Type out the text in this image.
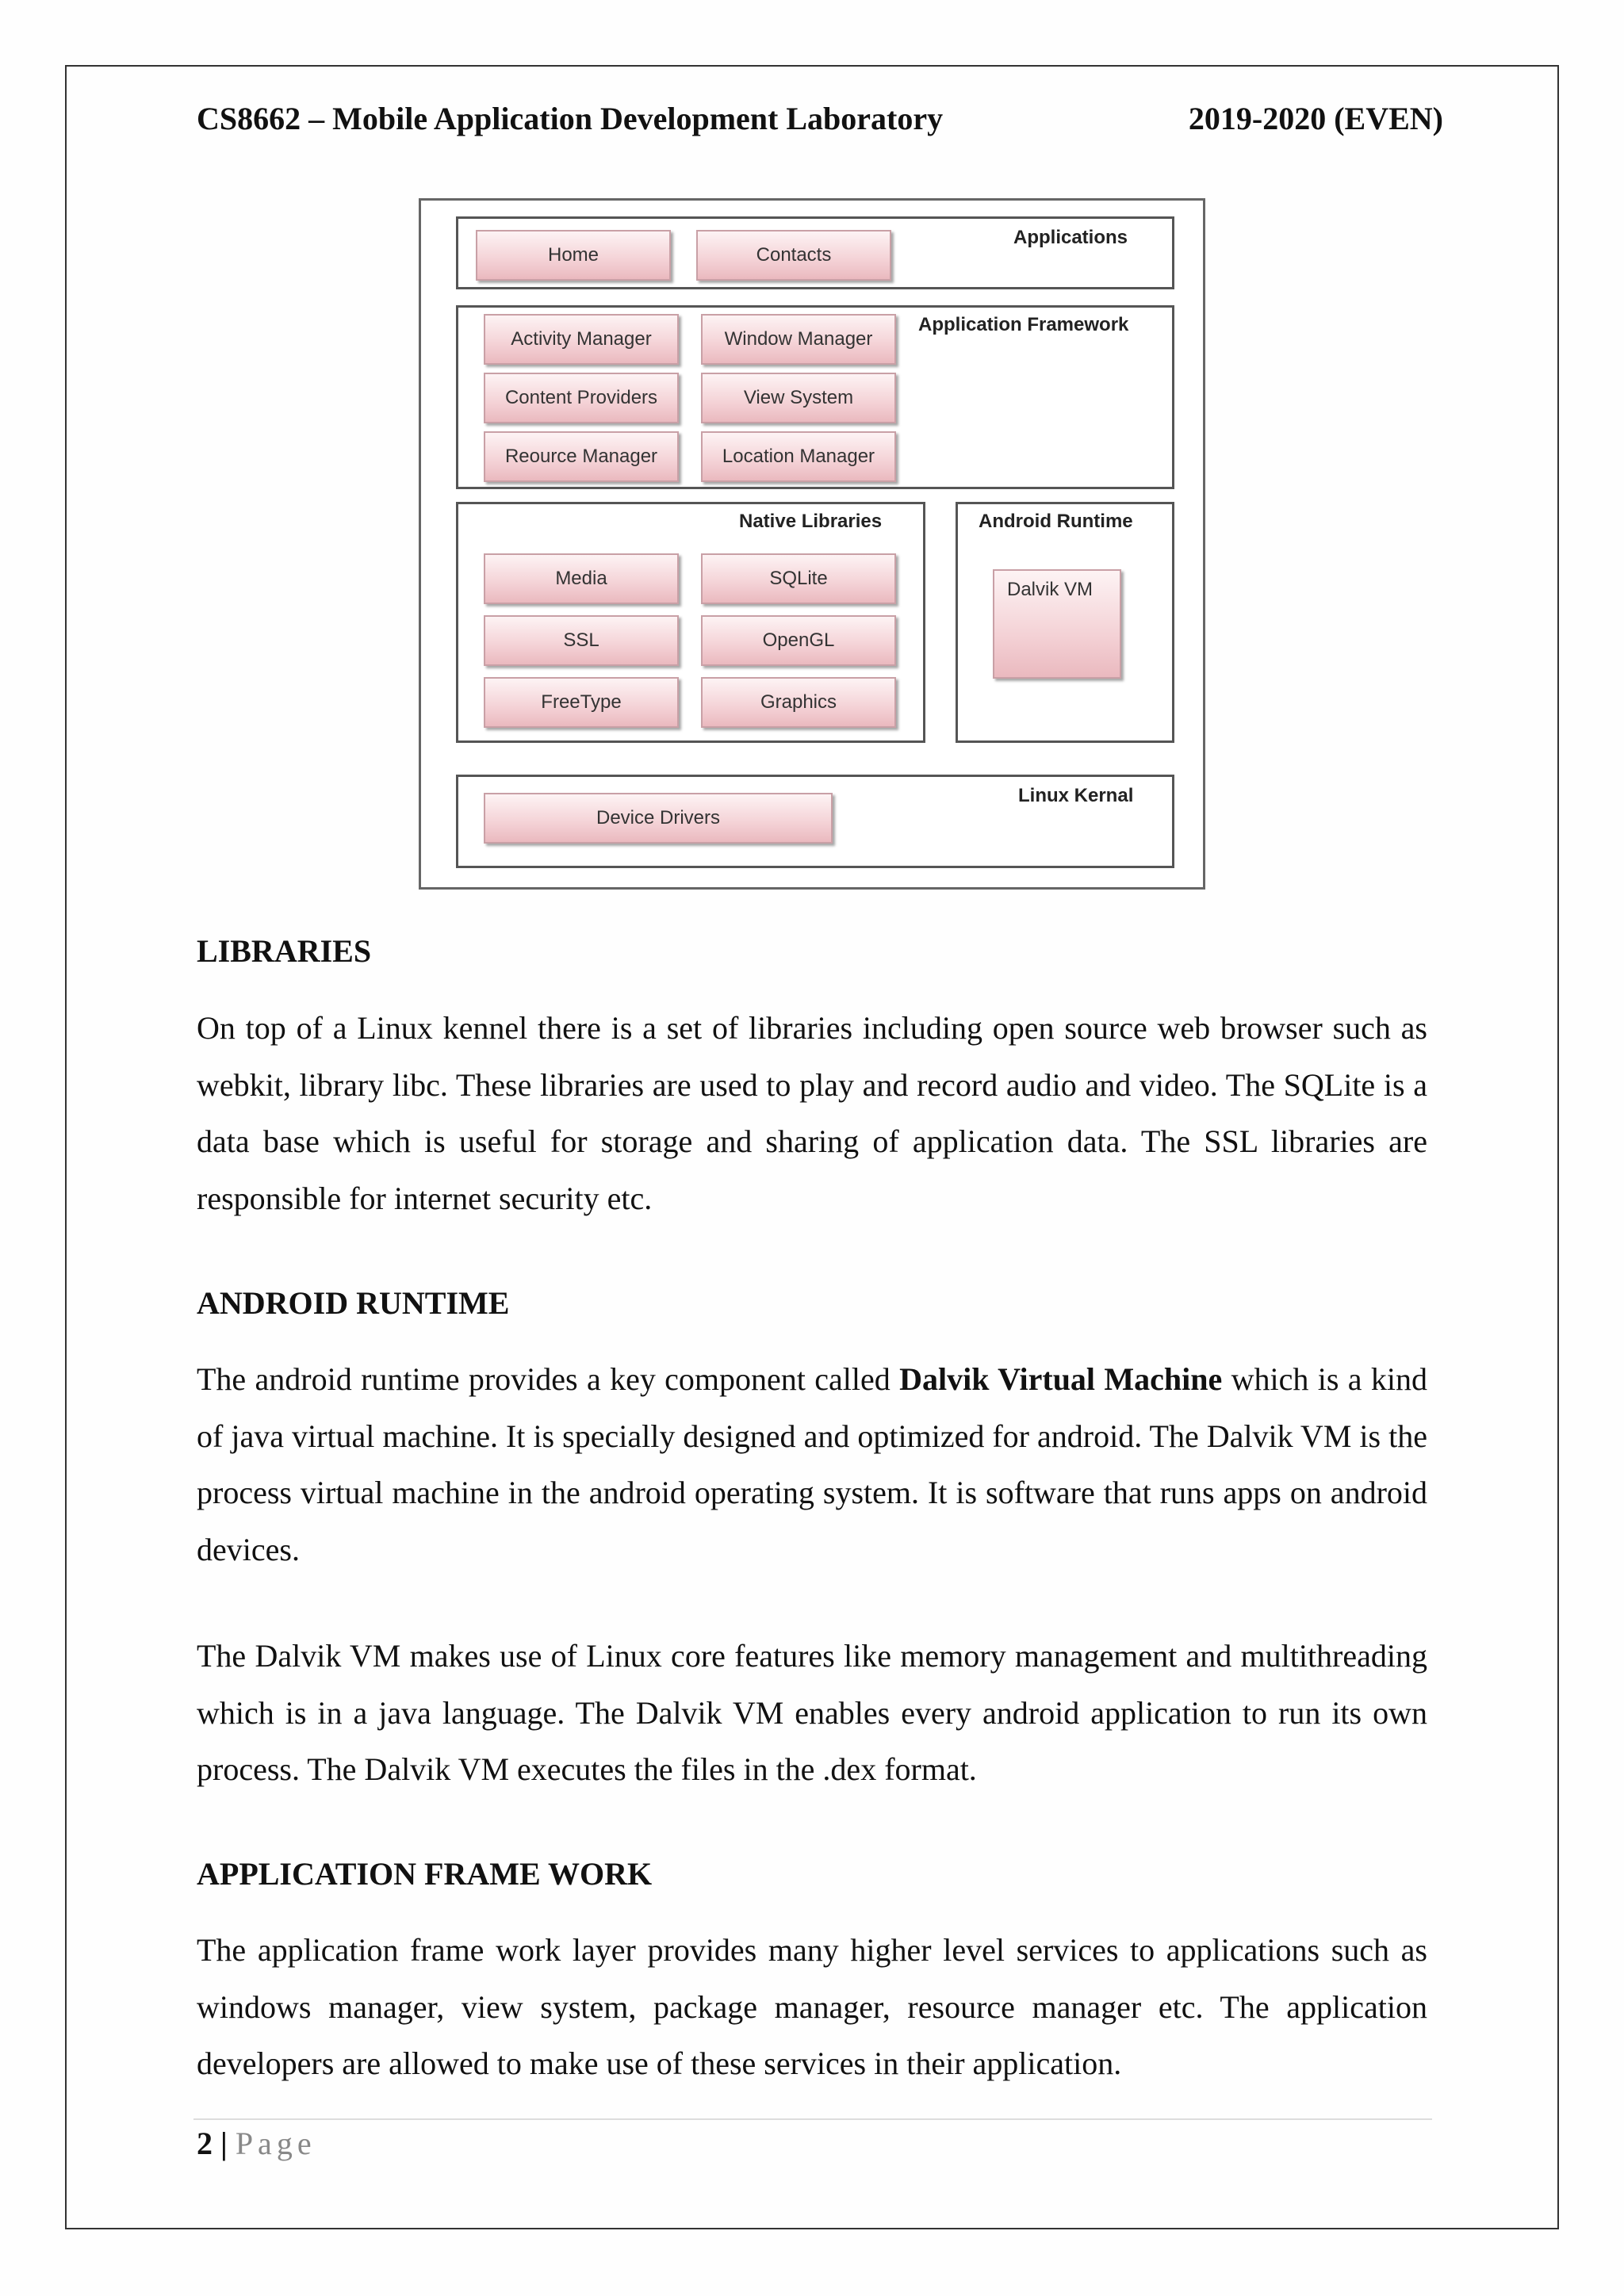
CS8662 – Mobile Application Development Laboratory	2019-2020 (EVEN)
Home	Contacts
Applications
Activity Manager	Window Manager
Content Providers	View System
Reource Manager	Location Manager
Application Framework
Native Libraries
Media	SQLite
SSL	OpenGL
FreeType	Graphics
Android Runtime
Dalvik VM
Device Drivers
Linux Kernal
LIBRARIES

On top of a Linux kennel there is a set of libraries including open source web browser such as webkit, library libc. These libraries are used to play and record audio and video. The SQLite is a data base which is useful for storage and sharing of application data. The SSL libraries are responsible for internet security etc.

ANDROID RUNTIME

The android runtime provides a key component called Dalvik Virtual Machine which is a kind of java virtual machine. It is specially designed and optimized for android. The Dalvik VM is the process virtual machine in the android operating system. It is software that runs apps on android devices.

The Dalvik VM makes use of Linux core features like memory management and multithreading which is in a java language. The Dalvik VM enables every android application to run its own process. The Dalvik VM executes the files in the .dex format.

APPLICATION FRAME WORK

The application frame work layer provides many higher level services to applications such as windows manager, view system, package manager, resource manager etc. The application developers are allowed to make use of these services in their application.

2 | Page
